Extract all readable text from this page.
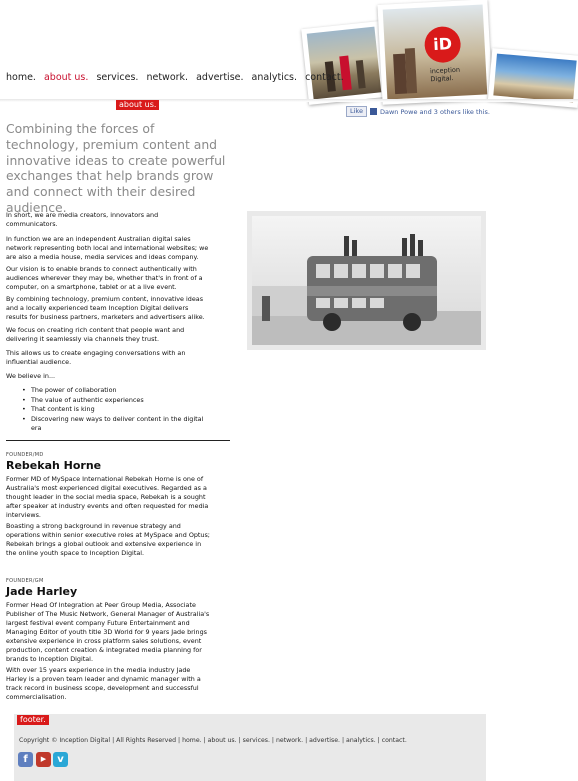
iD
inception
Digital.
home. about us. services. network. advertise. analytics. contact.
about us.
Like	Dawn Powe and 3 others like this.
Combining the forces of technology, premium content and innovative ideas to create powerful exchanges that help brands grow and connect with their desired audience.
In short, we are media creators, innovators and communicators.
In function we are an independent Australian digital sales network representing both local and international websites; we are also a media house, media services and ideas company.
Our vision is to enable brands to connect authentically with audiences wherever they may be, whether that's in front of a computer, on a smartphone, tablet or at a live event.
By combining technology, premium content, innovative ideas and a locally experienced team Inception Digital delivers results for business partners, marketers and advertisers alike.
We focus on creating rich content that people want and delivering it seamlessly via channels they trust.
This allows us to create engaging conversations with an influential audience.
We believe in...
• The power of collaboration
• The value of authentic experiences
• That content is king
• Discovering new ways to deliver content in the digital era
FOUNDER/MD
Rebekah Horne
Former MD of MySpace International Rebekah Horne is one of Australia's most experienced digital executives. Regarded as a thought leader in the social media space, Rebekah is a sought after speaker at industry events and often requested for media interviews.
Boasting a strong background in revenue strategy and operations within senior executive roles at MySpace and Optus; Rebekah brings a global outlook and extensive experience in the online youth space to Inception Digital.
FOUNDER/GM
Jade Harley
Former Head Of Integration at Peer Group Media, Associate Publisher of The Music Network, General Manager of Australia's largest festival event company Future Entertainment and Managing Editor of youth title 3D World for 9 years Jade brings extensive experience in cross platform sales solutions, event production, content creation & integrated media planning for brands to Inception Digital.
With over 15 years experience in the media industry Jade Harley is a proven team leader and dynamic manager with a track record in business scope, development and successful commercialisation.
footer.
Copyright © Inception Digital | All Rights Reserved | home. | about us. | services. | network. | advertise. | analytics. | contact.
f	▶	v
